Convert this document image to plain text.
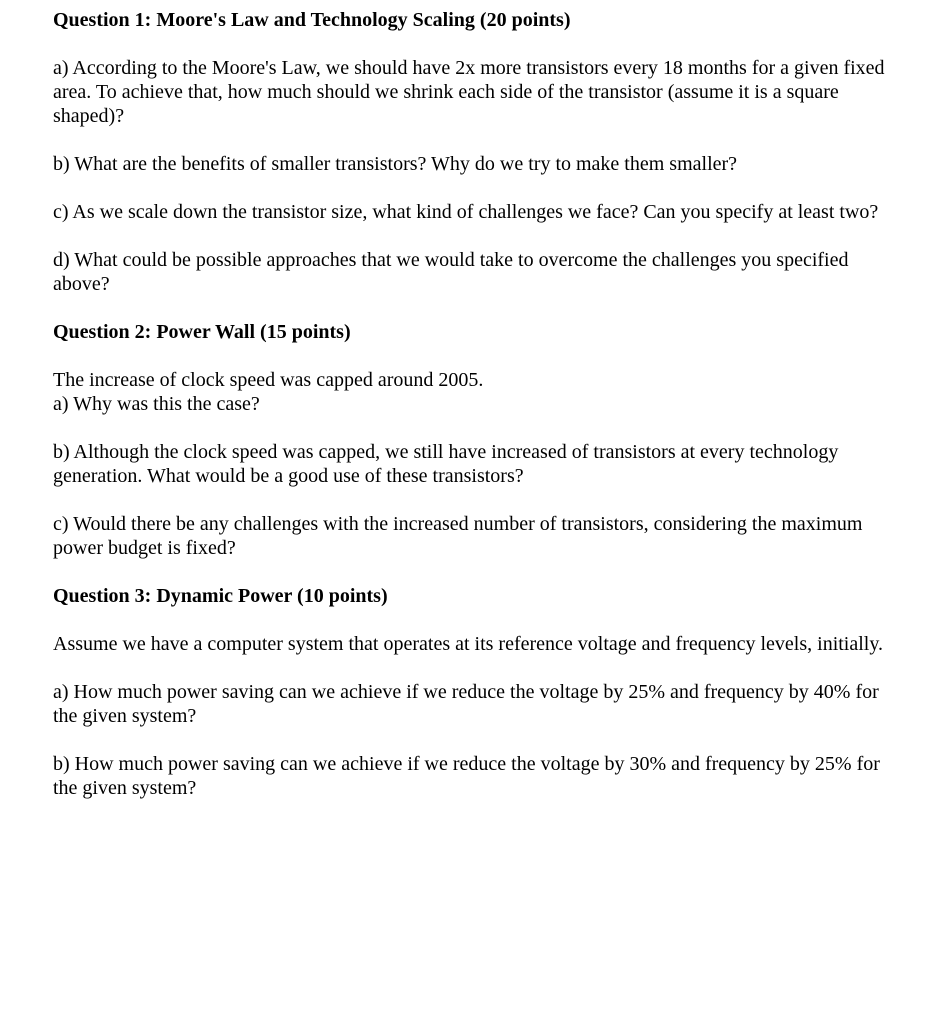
Question 1: Moore's Law and Technology Scaling (20 points)

a) According to the Moore's Law, we should have 2x more transistors every 18 months for a given fixed area. To achieve that, how much should we shrink each side of the transistor (assume it is a square shaped)?

b) What are the benefits of smaller transistors? Why do we try to make them smaller?

c) As we scale down the transistor size, what kind of challenges we face? Can you specify at least two?

d) What could be possible approaches that we would take to overcome the challenges you specified above?

Question 2: Power Wall (15 points)

The increase of clock speed was capped around 2005.

a) Why was this the case?

b) Although the clock speed was capped, we still have increased of transistors at every technology generation. What would be a good use of these transistors?

c) Would there be any challenges with the increased number of transistors, considering the maximum power budget is fixed?

Question 3: Dynamic Power (10 points)

Assume we have a computer system that operates at its reference voltage and frequency levels, initially.

a) How much power saving can we achieve if we reduce the voltage by 25% and frequency by 40% for the given system?

b) How much power saving can we achieve if we reduce the voltage by 30% and frequency by 25% for the given system?
